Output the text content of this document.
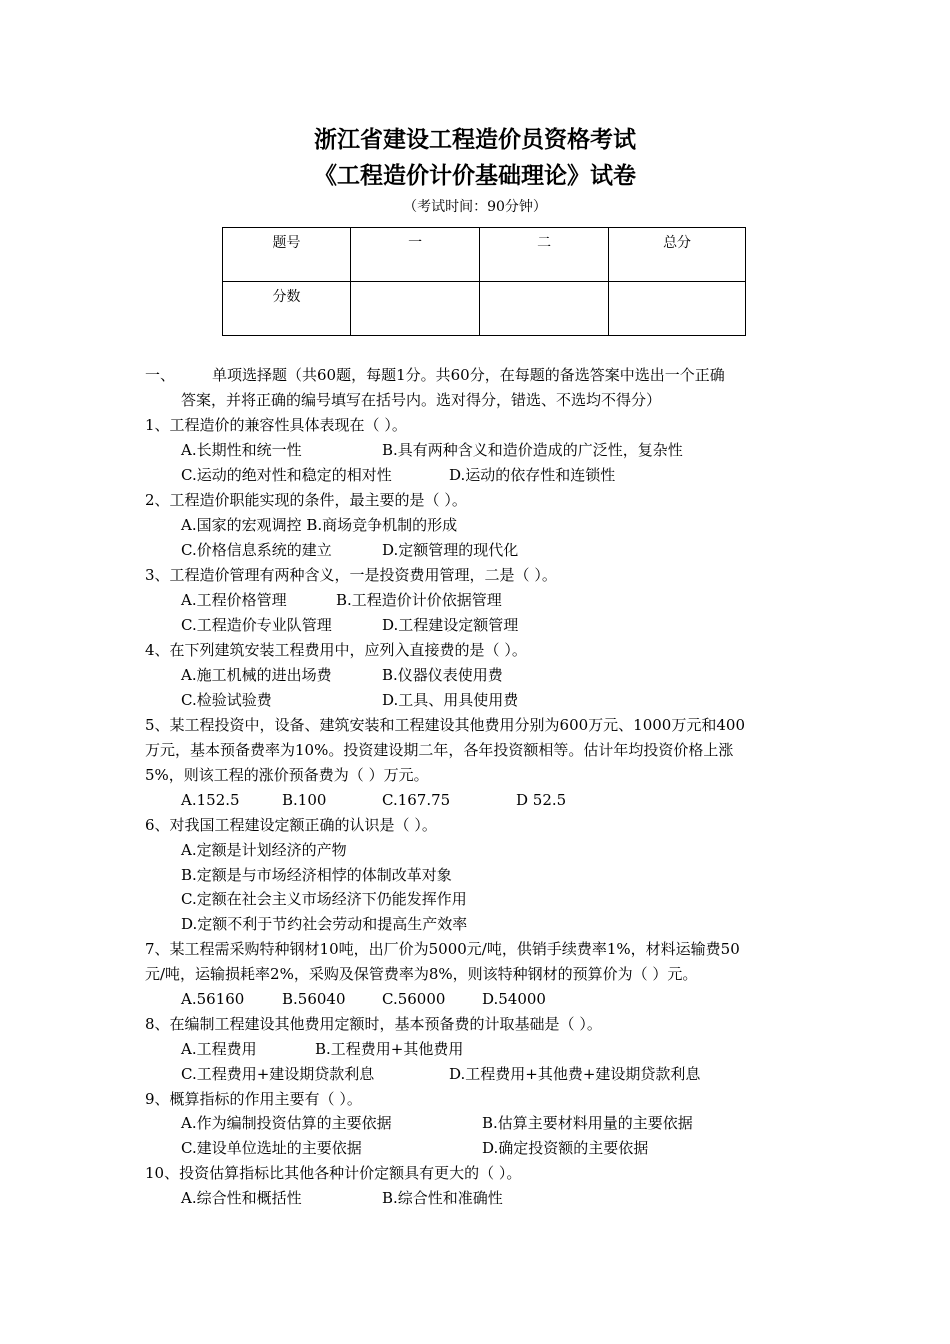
浙江省建设工程造价员资格考试
《工程造价计价基础理论》试卷
（考试时间：90分钟）
题号	一	二	总分
分数			
一、 单项选择题（共60题，每题1分。共60分，在每题的备选答案中选出一个正确
答案，并将正确的编号填写在括号内。选对得分，错选、不选均不得分）
1、工程造价的兼容性具体表现在（ ）。
A.长期性和统一性	B.具有两种含义和造价造成的广泛性，复杂性
C.运动的绝对性和稳定的相对性	D.运动的依存性和连锁性
2、工程造价职能实现的条件，最主要的是（ ）。
A.国家的宏观调控 B.商场竞争机制的形成
C.价格信息系统的建立	D.定额管理的现代化
3、工程造价管理有两种含义，一是投资费用管理，二是（ ）。
A.工程价格管理	B.工程造价计价依据管理
C.工程造价专业队管理	D.工程建设定额管理
4、在下列建筑安装工程费用中，应列入直接费的是（ ）。
A.施工机械的进出场费	B.仪器仪表使用费
C.检验试验费	D.工具、用具使用费
5、某工程投资中，设备、建筑安装和工程建设其他费用分别为600万元、1000万元和400
万元，基本预备费率为10%。投资建设期二年，各年投资额相等。估计年均投资价格上涨
5%，则该工程的涨价预备费为（ ）万元。
A.152.5	B.100	C.167.75	D 52.5
6、对我国工程建设定额正确的认识是（ ）。
A.定额是计划经济的产物
B.定额是与市场经济相悖的体制改革对象
C.定额在社会主义市场经济下仍能发挥作用
D.定额不利于节约社会劳动和提高生产效率
7、某工程需采购特种钢材10吨，出厂价为5000元/吨，供销手续费率1%，材料运输费50
元/吨，运输损耗率2%，采购及保管费率为8%，则该特种钢材的预算价为（ ）元。
A.56160	B.56040 C.56000 D.54000
8、在编制工程建设其他费用定额时，基本预备费的计取基础是（ ）。
A.工程费用	B.工程费用+其他费用
C.工程费用+建设期贷款利息	D.工程费用+其他费+建设期贷款利息
9、概算指标的作用主要有（ ）。
A.作为编制投资估算的主要依据	B.估算主要材料用量的主要依据
C.建设单位选址的主要依据	D.确定投资额的主要依据
10、投资估算指标比其他各种计价定额具有更大的（ ）。
A.综合性和概括性	B.综合性和准确性
